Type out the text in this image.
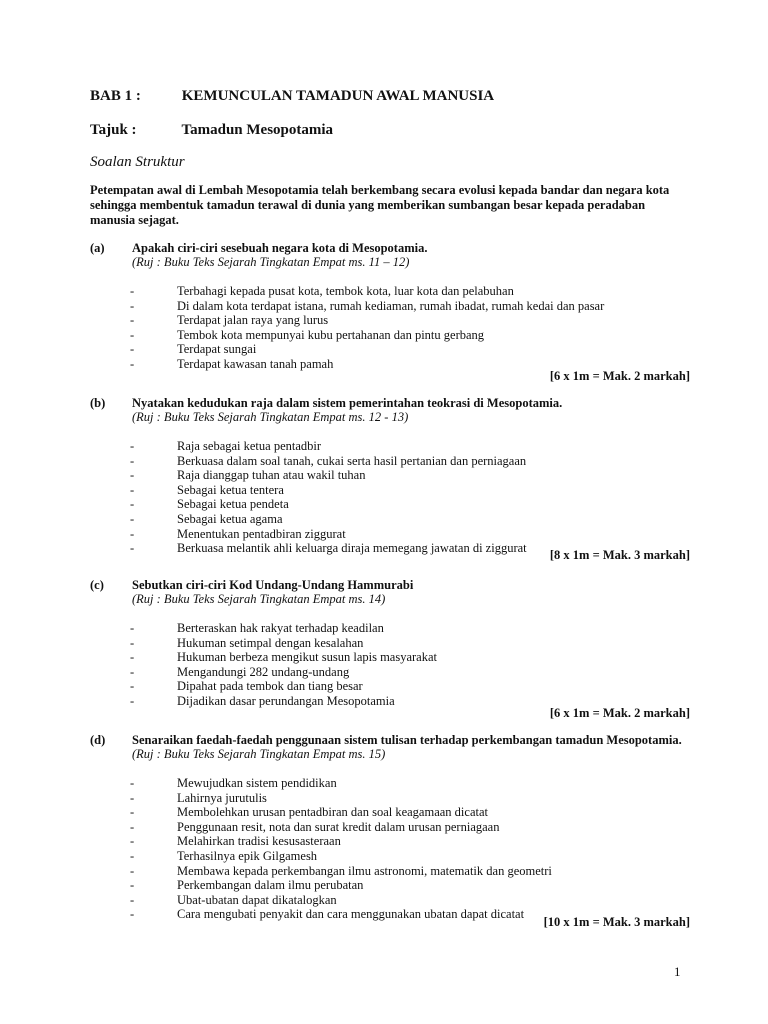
BAB 1 :	KEMUNCULAN TAMADUN AWAL MANUSIA
Tajuk :	Tamadun Mesopotamia
Soalan Struktur
Petempatan awal di Lembah Mesopotamia telah berkembang secara evolusi kepada bandar dan negara kota sehingga membentuk tamadun terawal di dunia yang memberikan sumbangan besar kepada peradaban manusia sejagat.
(a) Apakah ciri-ciri sesebuah negara kota di Mesopotamia.
(Ruj : Buku Teks Sejarah Tingkatan Empat ms. 11 – 12)
-	Terbahagi kepada pusat kota, tembok kota, luar kota dan pelabuhan
-	Di dalam kota terdapat istana, rumah kediaman, rumah ibadat, rumah kedai dan pasar
-	Terdapat jalan raya yang lurus
-	Tembok kota mempunyai kubu pertahanan dan pintu gerbang
-	Terdapat sungai
-	Terdapat kawasan tanah pamah
[6 x 1m = Mak. 2 markah]
(b) Nyatakan kedudukan raja dalam sistem pemerintahan teokrasi di Mesopotamia.
(Ruj : Buku Teks Sejarah Tingkatan Empat ms. 12 - 13)
-	Raja sebagai ketua pentadbir
-	Berkuasa dalam soal tanah, cukai serta hasil pertanian dan perniagaan
-	Raja dianggap tuhan atau wakil tuhan
-	Sebagai ketua tentera
-	Sebagai ketua pendeta
-	Sebagai ketua agama
-	Menentukan pentadbiran ziggurat
-	Berkuasa melantik ahli keluarga diraja memegang jawatan di ziggurat [8 x 1m = Mak. 3 markah]
(c) Sebutkan ciri-ciri Kod Undang-Undang Hammurabi
(Ruj : Buku Teks Sejarah Tingkatan Empat ms. 14)
-	Berteraskan hak rakyat terhadap keadilan
-	Hukuman setimpal dengan kesalahan
-	Hukuman berbeza mengikut susun lapis masyarakat
-	Mengandungi 282 undang-undang
-	Dipahat pada tembok dan tiang besar
-	Dijadikan dasar perundangan Mesopotamia
[6 x 1m = Mak. 2 markah]
(d) Senaraikan faedah-faedah penggunaan sistem tulisan terhadap perkembangan tamadun Mesopotamia.
(Ruj : Buku Teks Sejarah Tingkatan Empat ms. 15)
-	Mewujudkan sistem pendidikan
-	Lahirnya jurutulis
-	Membolehkan urusan pentadbiran dan soal keagamaan dicatat
-	Penggunaan resit, nota dan surat kredit dalam urusan perniagaan
-	Melahirkan tradisi kesusasteraan
-	Terhasilnya epik Gilgamesh
-	Membawa kepada perkembangan ilmu astronomi, matematik dan geometri
-	Perkembangan dalam ilmu perubatan
-	Ubat-ubatan dapat dikatalogkan
-	Cara mengubati penyakit dan cara menggunakan ubatan dapat dicatat
[10 x 1m = Mak. 3 markah]
1
